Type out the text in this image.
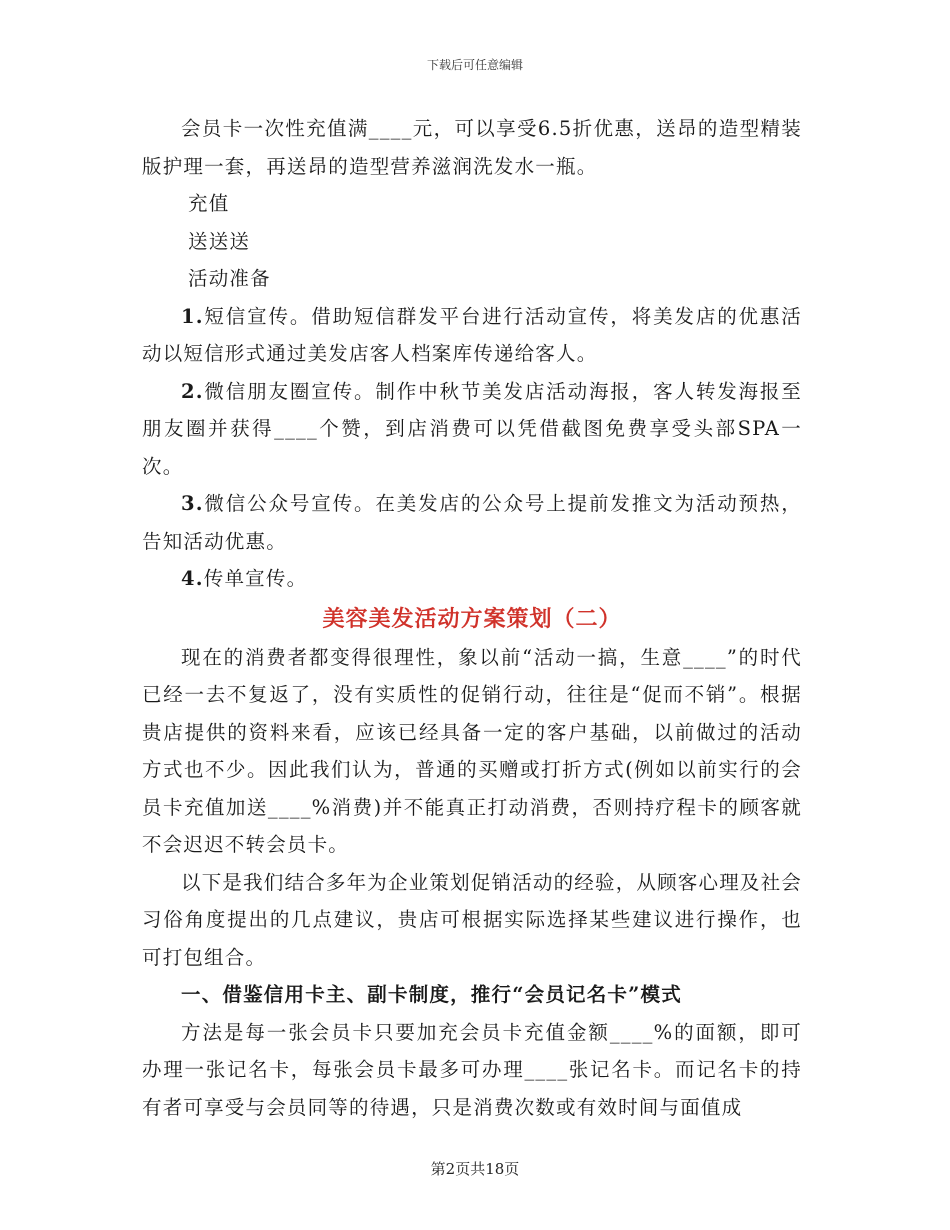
下载后可任意编辑

会员卡一次性充值满____元，可以享受6.5折优惠，送昂的造型精装版护理一套，再送昂的造型营养滋润洗发水一瓶。

充值

送送送

活动准备

1.短信宣传。借助短信群发平台进行活动宣传，将美发店的优惠活动以短信形式通过美发店客人档案库传递给客人。

2.微信朋友圈宣传。制作中秋节美发店活动海报，客人转发海报至朋友圈并获得____个赞，到店消费可以凭借截图免费享受头部SPA一次。

3.微信公众号宣传。在美发店的公众号上提前发推文为活动预热，告知活动优惠。

4.传单宣传。

美容美发活动方案策划（二）

现在的消费者都变得很理性，象以前“活动一搞，生意____”的时代已经一去不复返了，没有实质性的促销行动，往往是“促而不销”。根据贵店提供的资料来看，应该已经具备一定的客户基础，以前做过的活动方式也不少。因此我们认为，普通的买赠或打折方式(例如以前实行的会员卡充值加送____%消费)并不能真正打动消费，否则持疗程卡的顾客就不会迟迟不转会员卡。

以下是我们结合多年为企业策划促销活动的经验，从顾客心理及社会习俗角度提出的几点建议，贵店可根据实际选择某些建议进行操作，也可打包组合。

一、借鉴信用卡主、副卡制度，推行“会员记名卡”模式

方法是每一张会员卡只要加充会员卡充值金额____%的面额，即可办理一张记名卡，每张会员卡最多可办理____张记名卡。而记名卡的持有者可享受与会员同等的待遇，只是消费次数或有效时间与面值成

第2页共18页
